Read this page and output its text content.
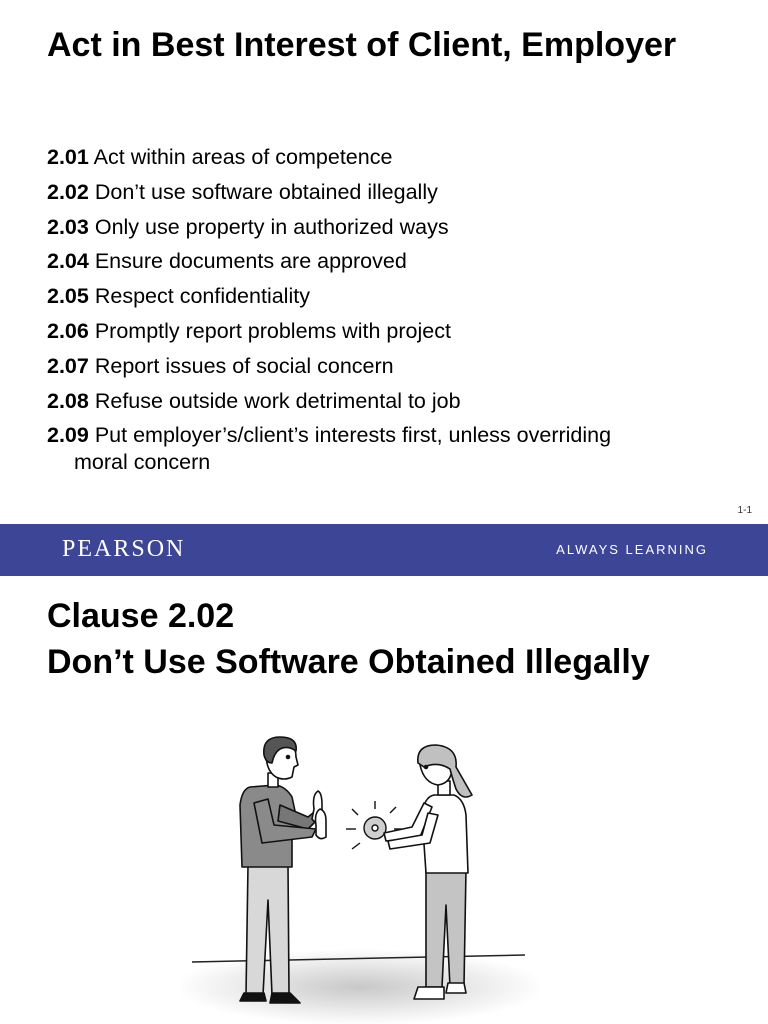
Act in Best Interest of Client, Employer
2.01 Act within areas of competence
2.02 Don’t use software obtained illegally
2.03 Only use property in authorized ways
2.04 Ensure documents are approved
2.05 Respect confidentiality
2.06 Promptly report problems with project
2.07 Report issues of social concern
2.08 Refuse outside work detrimental to job
2.09 Put employer’s/client’s interests first, unless overriding
moral concern
1-1
PEARSON	ALWAYS LEARNING
Clause 2.02
Don’t Use Software Obtained Illegally
